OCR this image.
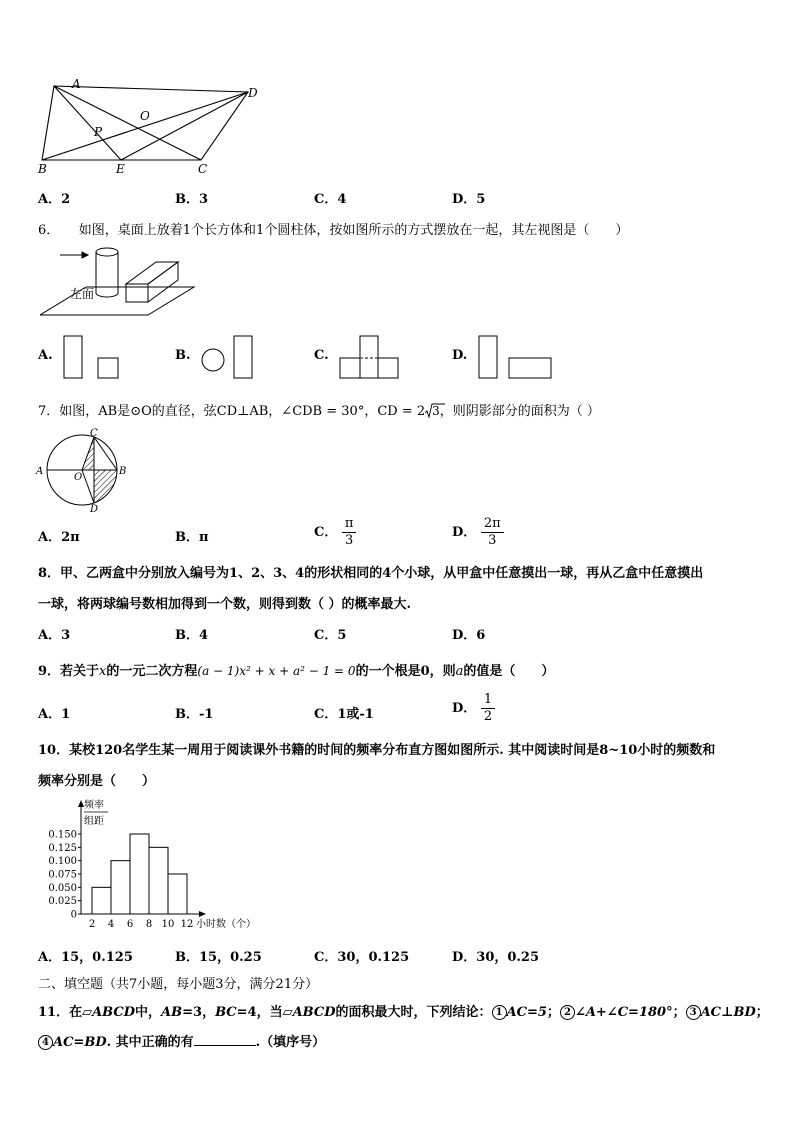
A
D
B	E	C
O
P
A．2	B．3	C．4	D．5
6．　　如图，桌面上放着1个长方体和1个圆柱体，按如图所示的方式摆放在一起，其左视图是（　　）
左面
A.	B.	C.	D.
7．如图，AB是⊙O的直径，弦CD⊥AB，∠CDB = 30°，CD = 2 3，则阴影部分的面积为（ ）
A	B
C
D
O
A．2π	B．π	C． $\frac{\pi}{3}$	D． $\frac{2\pi}{3}$
8．甲、乙两盒中分别放入编号为1、2、3、4的形状相同的4个小球，从甲盒中任意摸出一球，再从乙盒中任意摸出
一球，将两球编号数相加得到一个数，则得到数（ ）的概率最大.
A．3	B．4	C．5	D．6
9．若关于x的一元二次方程(a − 1)x² + x + a² − 1 = 0的一个根是0，则a的值是（　　）
A．1	B．-1	C．1或-1	D． $\frac{1}{2}$
10．某校120名学生某一周用于阅读课外书籍的时间的频率分布直方图如图所示. 其中阅读时间是8~10小时的频数和
频率分别是（　　）
频率
组距
小时数（个）
0
0.025
0.050
0.075
0.100
0.125
0.150
2 4 6 8 10 12
A．15，0.125	B．15，0.25	C．30，0.125	D．30，0.25
二、填空题（共7小题，每小题3分，满分21分）
11．在▱ABCD中，AB=3，BC=4，当▱ABCD的面积最大时，下列结论： 1 AC=5； 2 ∠A+∠C=180°； 3 AC⊥BD；
4 AC=BD. 其中正确的有	.（填序号）
